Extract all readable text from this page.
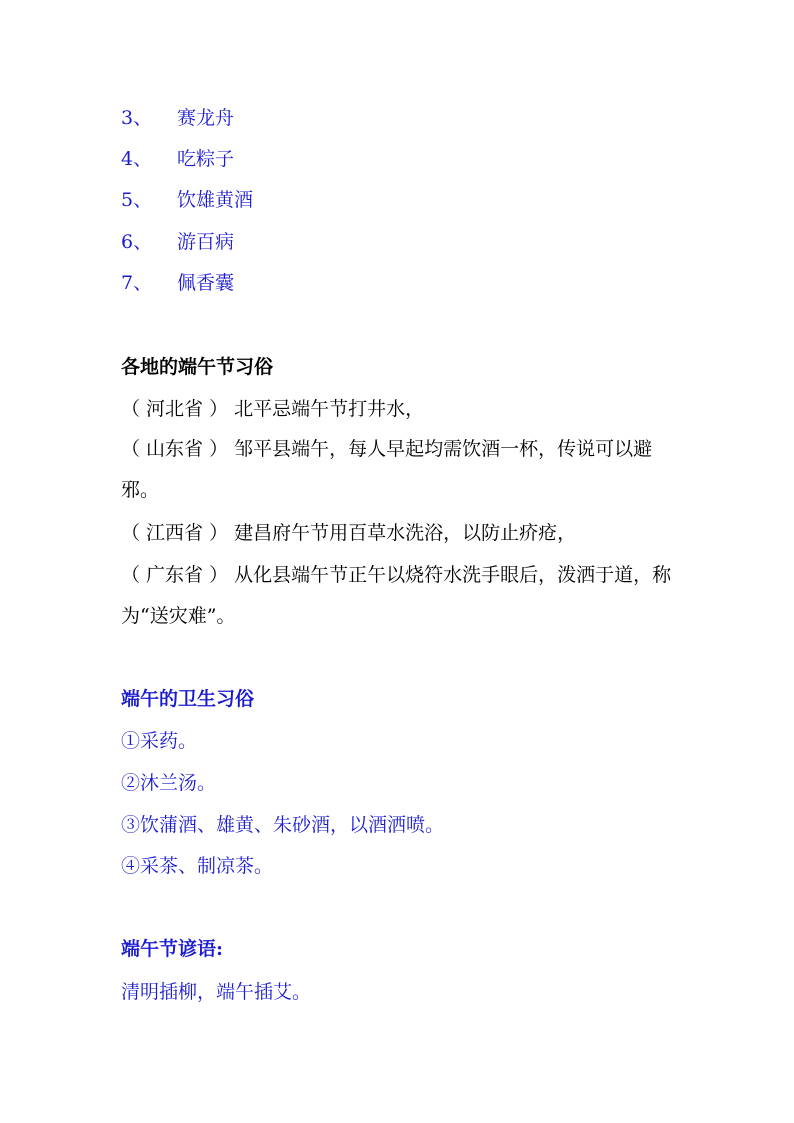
3、 赛龙舟
4、 吃粽子
5、 饮雄黄酒
6、 游百病
7、 佩香囊
各地的端午节习俗
（ 河北省 ） 北平忌端午节打井水，
（ 山东省 ） 邹平县端午，每人早起均需饮酒一杯，传说可以避邪。
（ 江西省 ） 建昌府午节用百草水洗浴，以防止疥疮，
（ 广东省 ） 从化县端午节正午以烧符水洗手眼后，泼洒于道，称为“送灾难”。
端午的卫生习俗
①采药。
②沐兰汤。
③饮蒲酒、雄黄、朱砂酒，以酒洒喷。
④采茶、制凉茶。
端午节谚语:
清明插柳，端午插艾。
